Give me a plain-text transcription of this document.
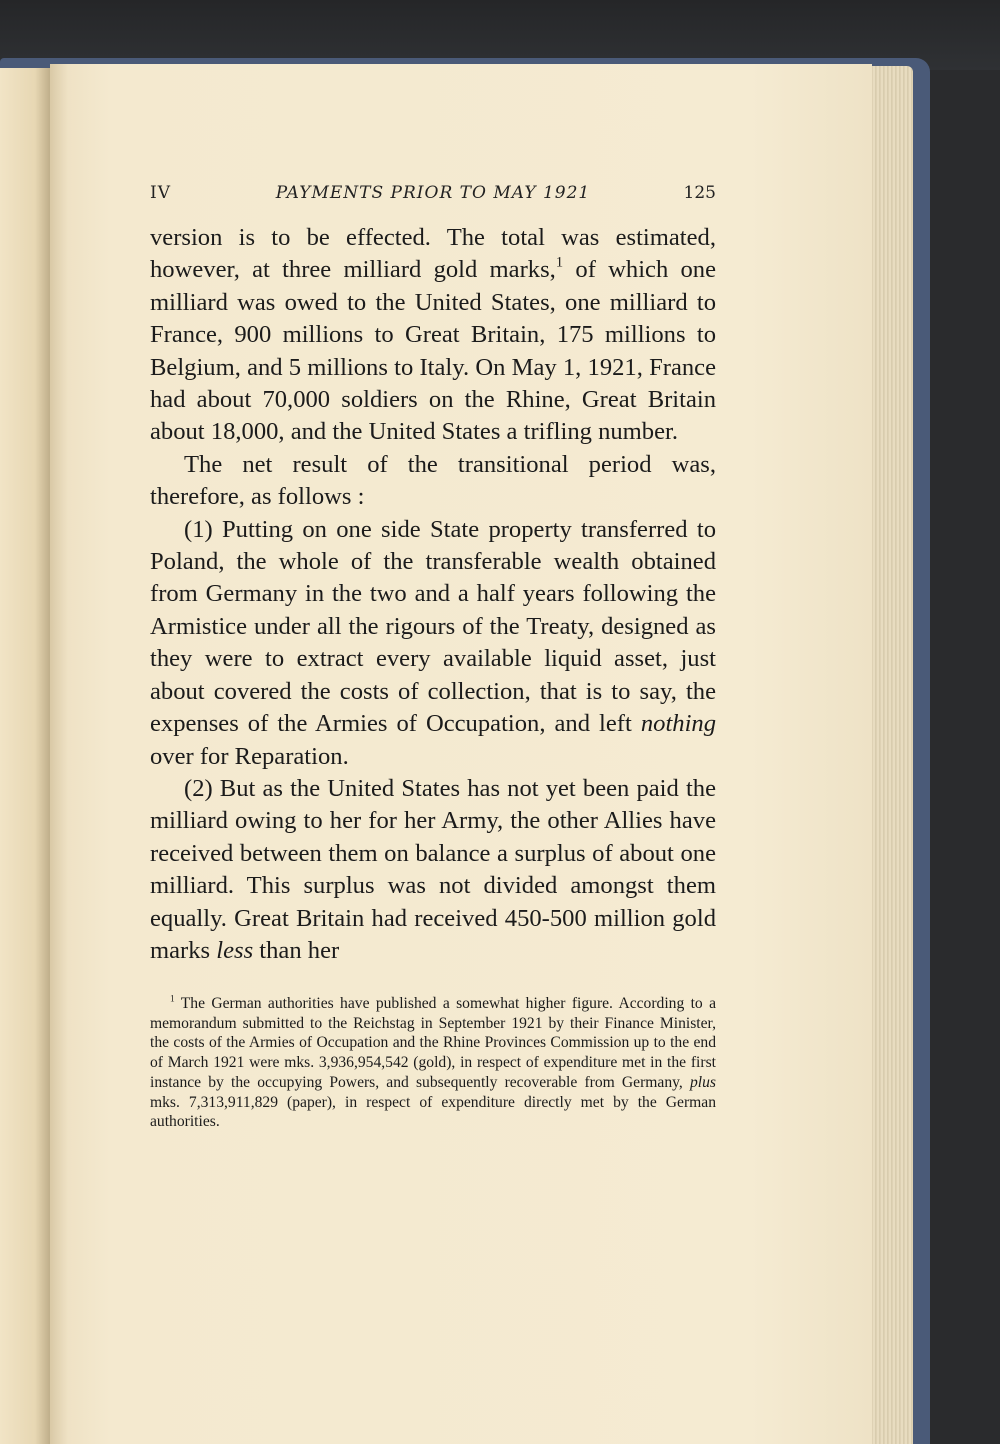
IV	PAYMENTS PRIOR TO MAY 1921	125

version is to be effected. The total was estimated, however, at three milliard gold marks,$^1$ of which one milliard was owed to the United States, one milliard to France, 900 millions to Great Britain, 175 millions to Belgium, and 5 millions to Italy. On May 1, 1921, France had about 70,000 soldiers on the Rhine, Great Britain about 18,000, and the United States a trifling number.

The net result of the transitional period was, therefore, as follows :

(1) Putting on one side State property transferred to Poland, the whole of the transferable wealth obtained from Germany in the two and a half years following the Armistice under all the rigours of the Treaty, designed as they were to extract every available liquid asset, just about covered the costs of collection, that is to say, the expenses of the Armies of Occupation, and left nothing over for Reparation.

(2) But as the United States has not yet been paid the milliard owing to her for her Army, the other Allies have received between them on balance a surplus of about one milliard. This surplus was not divided amongst them equally. Great Britain had received 450-500 million gold marks less than her

$^1$ The German authorities have published a somewhat higher figure. According to a memorandum submitted to the Reichstag in September 1921 by their Finance Minister, the costs of the Armies of Occupation and the Rhine Provinces Commission up to the end of March 1921 were mks. 3,936,954,542 (gold), in respect of expenditure met in the first instance by the occupying Powers, and subsequently recoverable from Germany, plus mks. 7,313,911,829 (paper), in respect of expenditure directly met by the German authorities.
